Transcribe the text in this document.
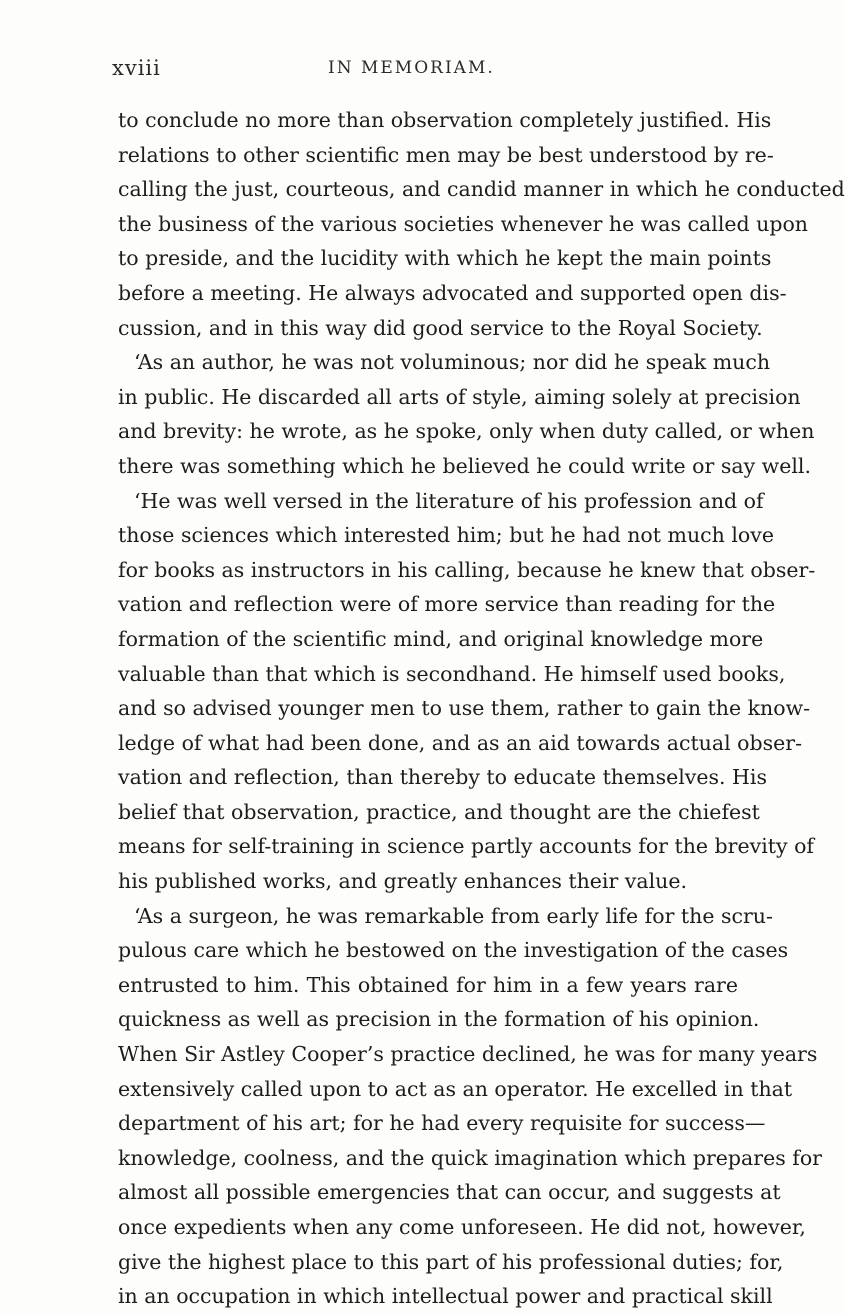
xviii	IN MEMORIAM.
to conclude no more than observation completely justified. His
relations to other scientific men may be best understood by re-
calling the just, courteous, and candid manner in which he conducted
the business of the various societies whenever he was called upon
to preside, and the lucidity with which he kept the main points
before a meeting. He always advocated and supported open dis-
cussion, and in this way did good service to the Royal Society.
‘As an author, he was not voluminous; nor did he speak much
in public. He discarded all arts of style, aiming solely at precision
and brevity: he wrote, as he spoke, only when duty called, or when
there was something which he believed he could write or say well.
‘He was well versed in the literature of his profession and of
those sciences which interested him; but he had not much love
for books as instructors in his calling, because he knew that obser-
vation and reflection were of more service than reading for the
formation of the scientific mind, and original knowledge more
valuable than that which is secondhand. He himself used books,
and so advised younger men to use them, rather to gain the know-
ledge of what had been done, and as an aid towards actual obser-
vation and reflection, than thereby to educate themselves. His
belief that observation, practice, and thought are the chiefest
means for self-training in science partly accounts for the brevity of
his published works, and greatly enhances their value.
‘As a surgeon, he was remarkable from early life for the scru-
pulous care which he bestowed on the investigation of the cases
entrusted to him. This obtained for him in a few years rare
quickness as well as precision in the formation of his opinion.
When Sir Astley Cooper’s practice declined, he was for many years
extensively called upon to act as an operator. He excelled in that
department of his art; for he had every requisite for success—
knowledge, coolness, and the quick imagination which prepares for
almost all possible emergencies that can occur, and suggests at
once expedients when any come unforeseen. He did not, however,
give the highest place to this part of his professional duties; for,
in an occupation in which intellectual power and practical skill
